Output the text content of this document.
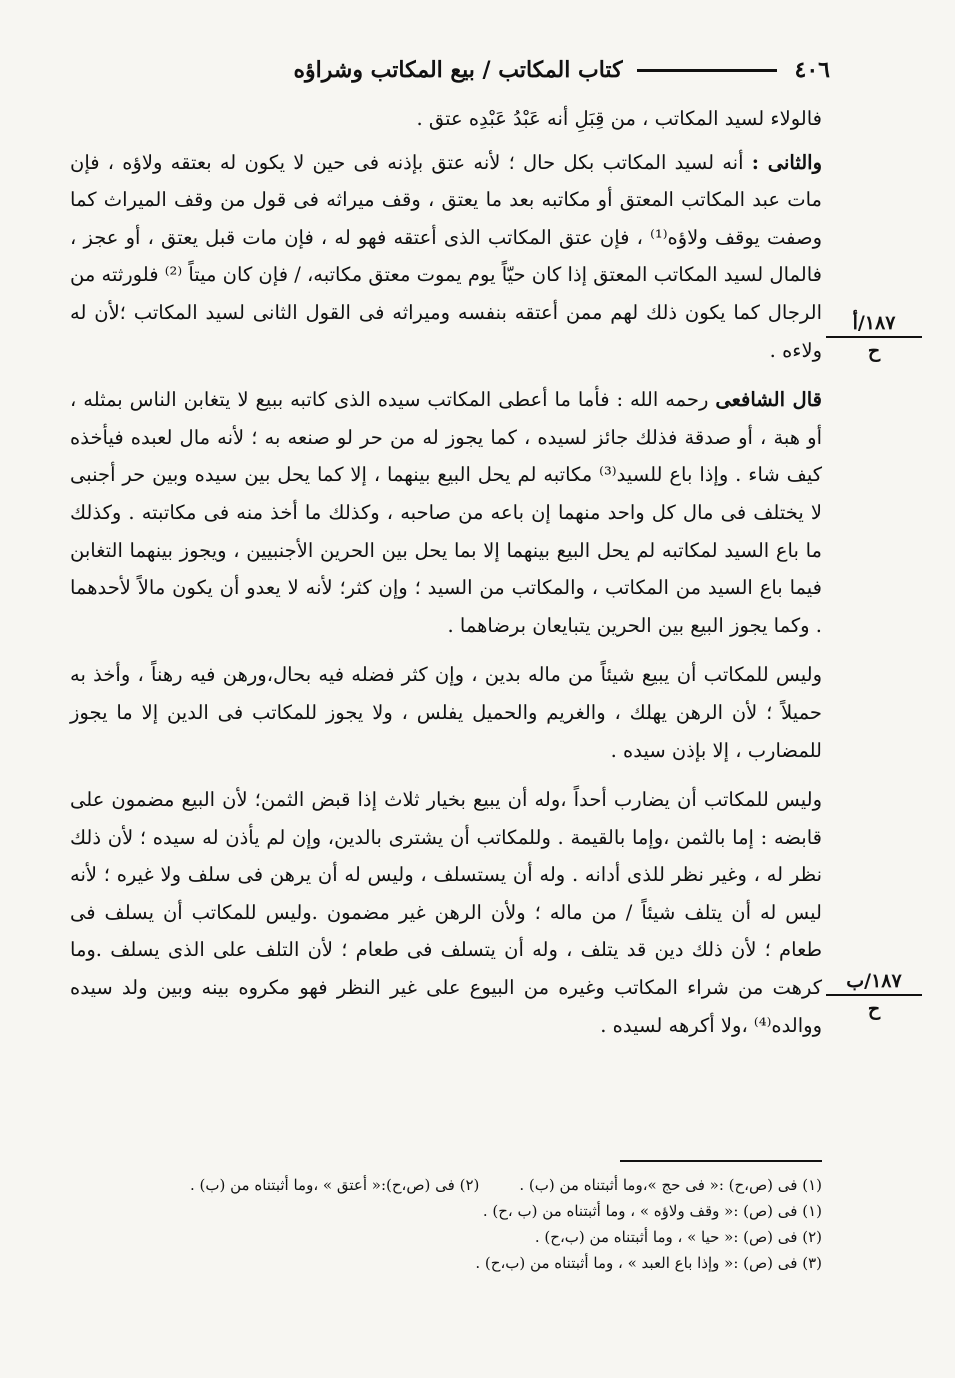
٤٠٦
كتاب المكاتب / بيع المكاتب وشراؤه

فالولاء لسيد المكاتب ، من قِبَلِ أنه عَبْدُ عَبْدِه عتق .

والثانى : أنه لسيد المكاتب بكل حال ؛ لأنه عتق بإذنه فى حين لا يكون له بعتقه ولاؤه ، فإن مات عبد المكاتب المعتق أو مكاتبه بعد ما يعتق ، وقف ميراثه فى قول من وقف الميراث كما وصفت يوقف ولاؤه⁽¹⁾ ، فإن عتق المكاتب الذى أعتقه فهو له ، فإن مات قبل يعتق ، أو عجز ، فالمال لسيد المكاتب المعتق إذا كان حيّاً يوم يموت معتق مكاتبه، / فإن كان ميتاً ⁽²⁾ فلورثته من الرجال كما يكون ذلك لهم ممن أعتقه بنفسه وميراثه فى القول الثانى لسيد المكاتب ؛لأن له ولاءه .

قال الشافعى رحمه الله : فأما ما أعطى المكاتب سيده الذى كاتبه ببيع لا يتغابن الناس بمثله ، أو هبة ، أو صدقة فذلك جائز لسيده ، كما يجوز له من حر لو صنعه به ؛ لأنه مال لعبده فيأخذه كيف شاء . وإذا باع للسيد⁽³⁾ مكاتبه لم يحل البيع بينهما ، إلا كما يحل بين سيده وبين حر أجنبى لا يختلف فى مال كل واحد منهما إن باعه من صاحبه ، وكذلك ما أخذ منه فى مكاتبته . وكذلك ما باع السيد لمكاتبه لم يحل البيع بينهما إلا بما يحل بين الحرين الأجنبيين ، ويجوز بينهما التغابن فيما باع السيد من المكاتب ، والمكاتب من السيد ؛ وإن كثر؛ لأنه لا يعدو أن يكون مالاً لأحدهما . وكما يجوز البيع بين الحرين يتبايعان برضاهما .

وليس للمكاتب أن يبيع شيئاً من ماله بدين ، وإن كثر فضله فيه بحال،ورهن فيه رهناً ، وأخذ به حميلاً ؛ لأن الرهن يهلك ، والغريم والحميل يفلس ، ولا يجوز للمكاتب فى الدين إلا ما يجوز للمضارب ، إلا بإذن سيده .

وليس للمكاتب أن يضارب أحداً ،وله أن يبيع بخيار ثلاث إذا قبض الثمن؛ لأن البيع مضمون على قابضه : إما بالثمن ،وإما بالقيمة . وللمكاتب أن يشترى بالدين، وإن لم يأذن له سيده ؛ لأن ذلك نظر له ، وغير نظر للذى أدانه . وله أن يستسلف ، وليس له أن يرهن فى سلف ولا غيره ؛ لأنه ليس له أن يتلف شيئاً / من ماله ؛ ولأن الرهن غير مضمون .وليس للمكاتب أن يسلف فى طعام ؛ لأن ذلك دين قد يتلف ، وله أن يتسلف فى طعام ؛ لأن التلف على الذى يسلف .وما كرهت من شراء المكاتب وغيره من البيوع على غير النظر فهو مكروه بينه وبين ولد سيده ووالده⁽⁴⁾ ،ولا أكرهه لسيده .

١٨٧/أ
ح
١٨٧/ب
ح
(١) فى (ص،ح) :« فى حج »،وما أثبتناه من (ب) .(٢) فى (ص،ح):« أعتق » ،وما أثبتناه من (ب) .
(١) فى (ص) :« وقف ولاؤه » ، وما أثبتناه من (ب ،ح) .
(٢) فى (ص) :« حيا » ، وما أثبتناه من (ب،ح) .
(٣) فى (ص) :« وإذا باع العبد » ، وما أثبتناه من (ب،ح) .
